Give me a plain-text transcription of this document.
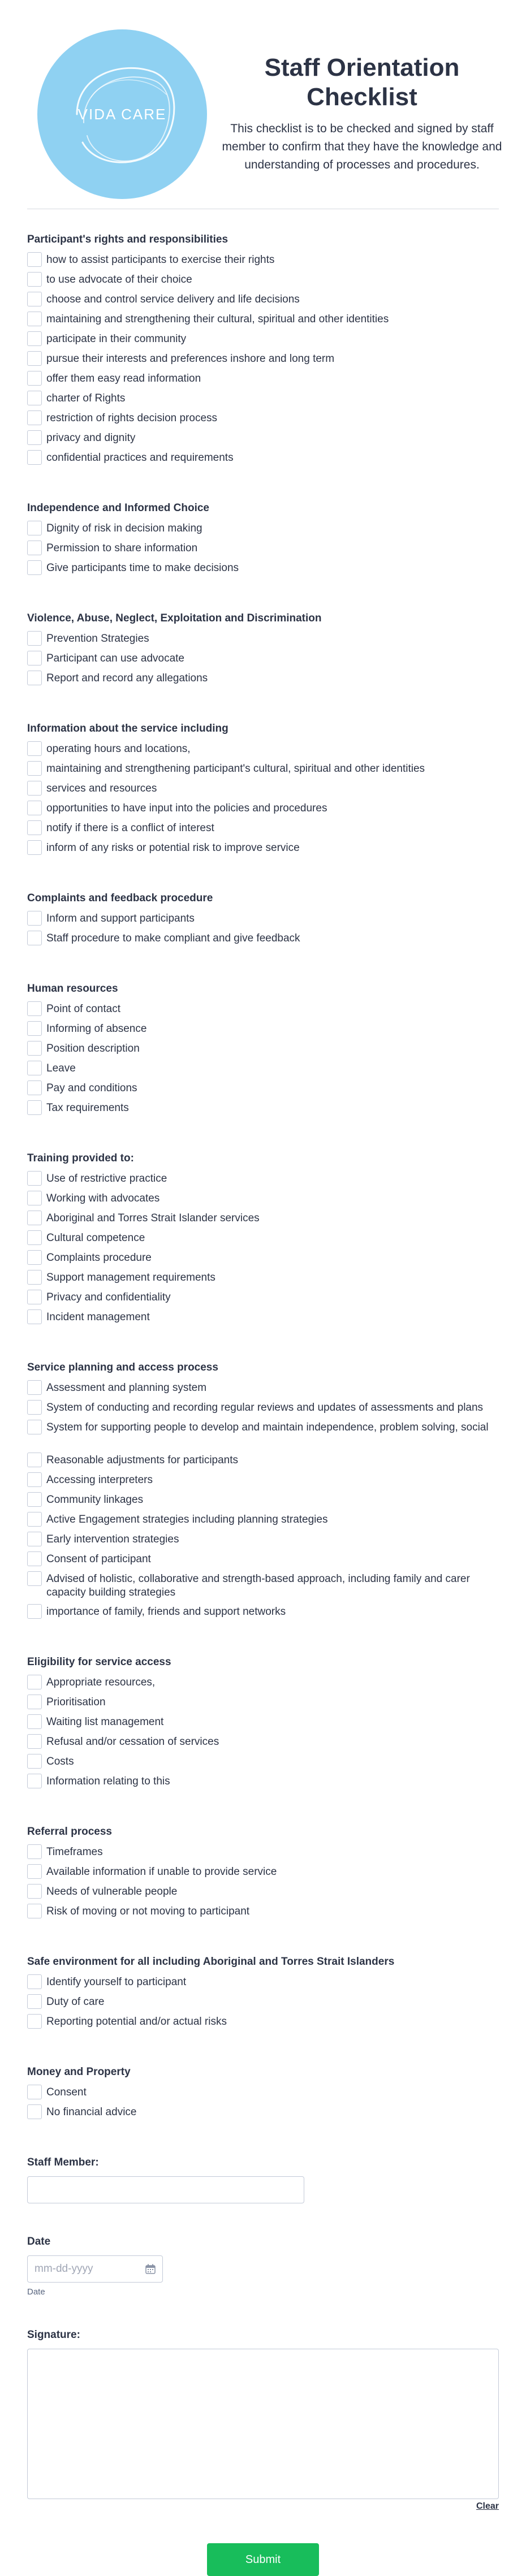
VIDA CARE
Staff Orientation Checklist
This checklist is to be checked and signed by staff member to confirm that they have the knowledge and understanding of processes and procedures.
Participant's rights and responsibilities
how to assist participants to exercise their rights
to use advocate of their choice
choose and control service delivery and life decisions
maintaining and strengthening their cultural, spiritual and other identities
participate in their community
pursue their interests and preferences inshore and long term
offer them easy read information
charter of Rights
restriction of rights decision process
privacy and dignity
confidential practices and requirements
Independence and Informed Choice
Dignity of risk in decision making
Permission to share information
Give participants time to make decisions
Violence, Abuse, Neglect, Exploitation and Discrimination
Prevention Strategies
Participant can use advocate
Report and record any allegations
Information about the service including
operating hours and locations,
maintaining and strengthening participant's cultural, spiritual and other identities
services and resources
opportunities to have input into the policies and procedures
notify if there is a conflict of interest
inform of any risks or potential risk to improve service
Complaints and feedback procedure
Inform and support participants
Staff procedure to make compliant and give feedback
Human resources
Point of contact
Informing of absence
Position description
Leave
Pay and conditions
Tax requirements
Training provided to:
Use of restrictive practice
Working with advocates
Aboriginal and Torres Strait Islander services
Cultural competence
Complaints procedure
Support management requirements
Privacy and confidentiality
Incident management
Service planning and access process
Assessment and planning system
System of conducting and recording regular reviews and updates of assessments and plans
System for supporting people to develop and maintain independence, problem solving, social
Reasonable adjustments for participants
Accessing interpreters
Community linkages
Active Engagement strategies including planning strategies
Early intervention strategies
Consent of participant
Advised of holistic, collaborative and strength-based approach, including family and carer capacity building strategies
importance of family, friends and support networks
Eligibility for service access
Appropriate resources,
Prioritisation
Waiting list management
Refusal and/or cessation of services
Costs
Information relating to this
Referral process
Timeframes
Available information if unable to provide service
Needs of vulnerable people
Risk of moving or not moving to participant
Safe environment for all including Aboriginal and Torres Strait Islanders
Identify yourself to participant
Duty of care
Reporting potential and/or actual risks
Money and Property
Consent
No financial advice
Staff Member:
Date
mm-dd-yyyy
Date
Signature:
Clear
Submit
